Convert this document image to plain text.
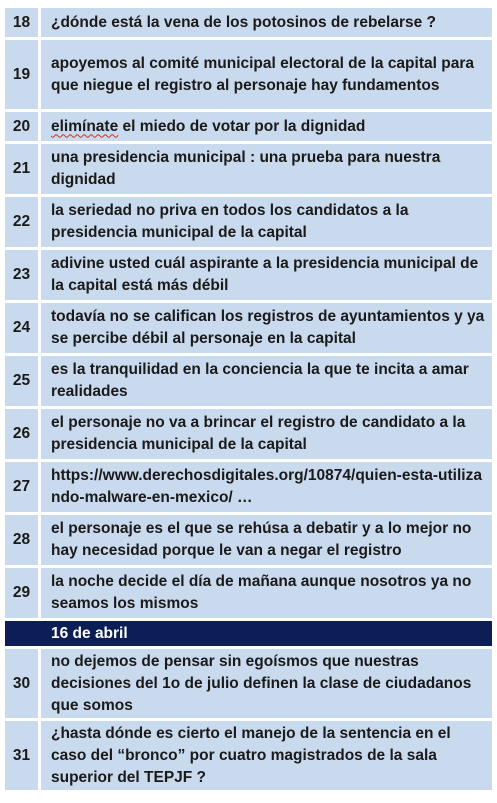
18	¿dónde está la vena de los potosinos de rebelarse ?
19	apoyemos al comité municipal electoral de la capital para que niegue el registro al personaje hay fundamentos
20	elimínate el miedo de votar por la dignidad
21	una presidencia municipal : una prueba para nuestra dignidad
22	la seriedad no priva en todos los candidatos a la presidencia municipal de la capital
23	adivine usted cuál aspirante a la presidencia municipal de la capital está más débil
24	todavía no se califican los registros de ayuntamientos y ya se percibe débil al personaje en la capital
25	es la tranquilidad en la conciencia la que te incita a amar realidades
26	el personaje no va a brincar el registro de candidato a la presidencia municipal de la capital
27	https://www.derechosdigitales.org/10874/quien-esta-utilizando-malware-en-mexico/ …
28	el personaje es el que se rehúsa a debatir y a lo mejor no hay necesidad porque le van a negar el registro
29	la noche decide el día de mañana aunque nosotros ya no seamos los mismos
	16 de abril
30	no dejemos de pensar sin egoísmos que nuestras decisiones del 1o de julio definen la clase de ciudadanos que somos
31	¿hasta dónde es cierto el manejo de la sentencia en el caso del “bronco” por cuatro magistrados de la sala superior del TEPJF ?
